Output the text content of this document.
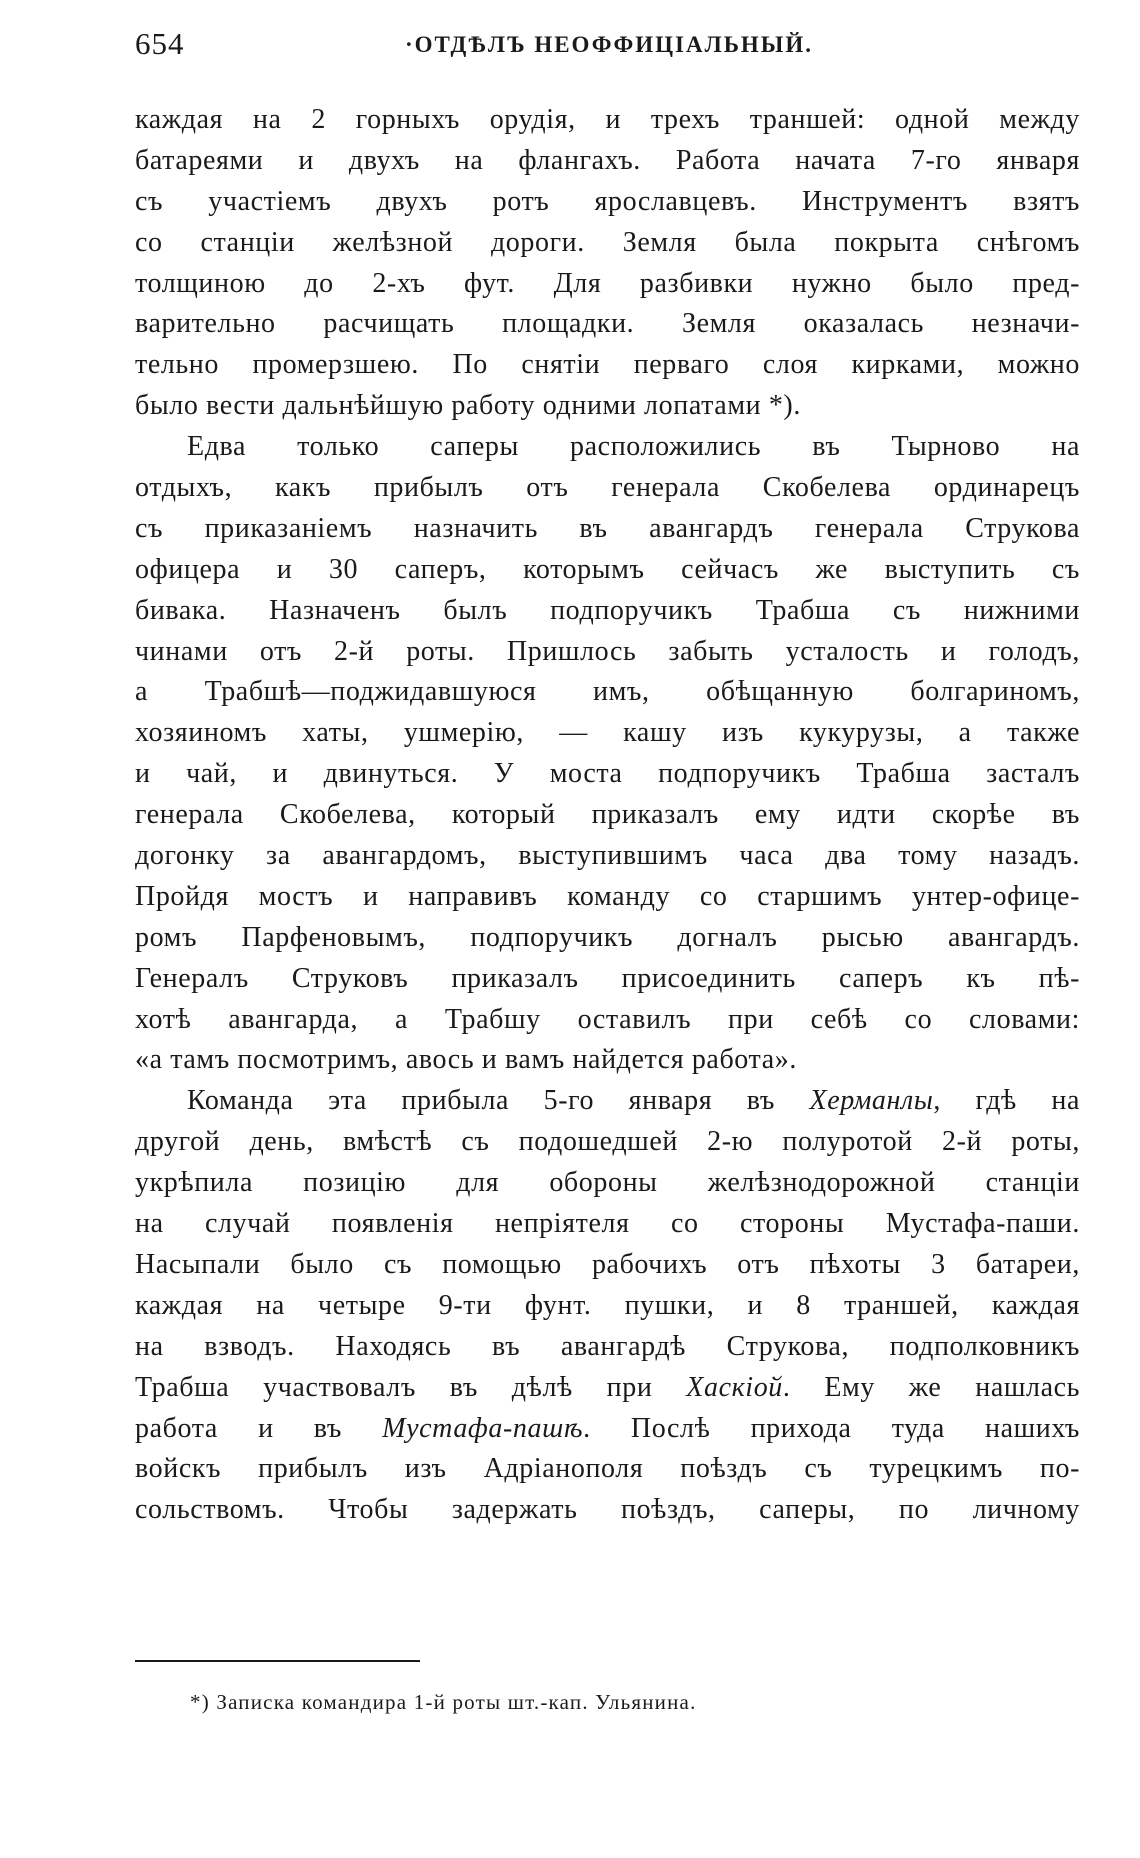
654	·ОТДѢЛЪ НЕОФФИЦІАЛЬНЫЙ.
каждая на 2 горныхъ орудія, и трехъ траншей: одной между
батареями и двухъ на флангахъ. Работа начата 7-го января
съ участіемъ двухъ ротъ ярославцевъ. Инструментъ взятъ
со станціи желѣзной дороги. Земля была покрыта снѣгомъ
толщиною до 2-хъ фут. Для разбивки нужно было пред-
варительно расчищать площадки. Земля оказалась незначи-
тельно промерзшею. По снятіи перваго слоя кирками, можно
было вести дальнѣйшую работу одними лопатами *).
Едва только саперы расположились въ Тырново на
отдыхъ, какъ прибылъ отъ генерала Скобелева ординарецъ
съ приказаніемъ назначить въ авангардъ генерала Струкова
офицера и 30 саперъ, которымъ сейчасъ же выступить съ
бивака. Назначенъ былъ подпоручикъ Трабша съ нижними
чинами отъ 2-й роты. Пришлось забыть усталость и голодъ,
а Трабшѣ—поджидавшуюся имъ, обѣщанную болгариномъ,
хозяиномъ хаты, ушмерію, — кашу изъ кукурузы, а также
и чай, и двинуться. У моста подпоручикъ Трабша засталъ
генерала Скобелева, который приказалъ ему идти скорѣе въ
догонку за авангардомъ, выступившимъ часа два тому назадъ.
Пройдя мостъ и направивъ команду со старшимъ унтер-офице-
ромъ Парфеновымъ, подпоручикъ догналъ рысью авангардъ.
Генералъ Струковъ приказалъ присоединить саперъ къ пѣ-
хотѣ авангарда, а Трабшу оставилъ при себѣ со словами:
«а тамъ посмотримъ, авось и вамъ найдется работа».
Команда эта прибыла 5-го января въ Херманлы, гдѣ на
другой день, вмѣстѣ съ подошедшей 2-ю полуротой 2-й роты,
укрѣпила позицію для обороны желѣзнодорожной станціи
на случай появленія непріятеля со стороны Мустафа-паши.
Насыпали было съ помощью рабочихъ отъ пѣхоты 3 батареи,
каждая на четыре 9-ти фунт. пушки, и 8 траншей, каждая
на взводъ. Находясь въ авангардѣ Струкова, подполковникъ
Трабша участвовалъ въ дѣлѣ при Хаскіой. Ему же нашлась
работа и въ Мустафа-пашѣ. Послѣ прихода туда нашихъ
войскъ прибылъ изъ Адріанополя поѣздъ съ турецкимъ по-
сольствомъ. Чтобы задержать поѣздъ, саперы, по личному
*) Записка командира 1-й роты шт.-кап. Ульянина.
